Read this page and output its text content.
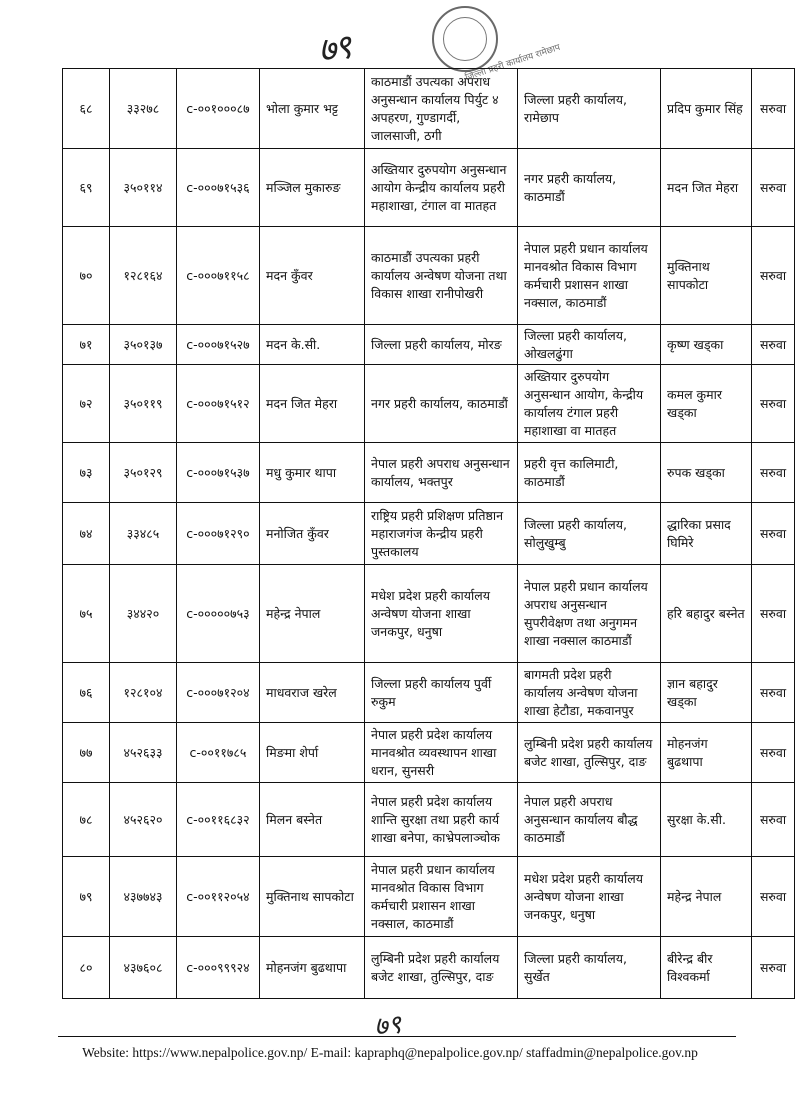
७९	जिल्ला प्रहरी कार्यालय रामेछाप
६८	३३२७८	c-००१०००८७	भोला कुमार भट्ट	काठमाडौं उपत्यका अपराध अनुसन्धान कार्यालय पिर्युट ४ अपहरण, गुण्डागर्दी, जालसाजी, ठगी	जिल्ला प्रहरी कार्यालय, रामेछाप	प्रदिप कुमार सिंह	सरुवा
६९	३५०११४	c-०००७१५३६	मञ्जिल मुकारुङ	अख्तियार दुरुपयोग अनुसन्धान आयोग केन्द्रीय कार्यालय प्रहरी महाशाखा, टंगाल वा मातहत	नगर प्रहरी कार्यालय, काठमाडौं	मदन जित मेहरा	सरुवा
७०	१२८१६४	c-०००७११५८	मदन कुँवर	काठमाडौं उपत्यका प्रहरी कार्यालय अन्वेषण योजना तथा विकास शाखा रानीपोखरी	नेपाल प्रहरी प्रधान कार्यालय मानवश्रोत विकास विभाग कर्मचारी प्रशासन शाखा नक्साल, काठमाडौं	मुक्तिनाथ सापकोटा	सरुवा
७१	३५०१३७	c-०००७१५२७	मदन के.सी.	जिल्ला प्रहरी कार्यालय, मोरङ	जिल्ला प्रहरी कार्यालय, ओखलढुंगा	कृष्ण खड्का	सरुवा
७२	३५०११९	c-०००७१५१२	मदन जित मेहरा	नगर प्रहरी कार्यालय, काठमाडौं	अख्तियार दुरुपयोग अनुसन्धान आयोग, केन्द्रीय कार्यालय टंगाल प्रहरी महाशाखा वा मातहत	कमल कुमार खड्का	सरुवा
७३	३५०१२९	c-०००७१५३७	मधु कुमार थापा	नेपाल प्रहरी अपराध अनुसन्धान कार्यालय, भक्तपुर	प्रहरी वृत्त कालिमाटी, काठमाडौं	रुपक खड्का	सरुवा
७४	३३४८५	c-०००७१२९०	मनोजित कुँवर	राष्ट्रिय प्रहरी प्रशिक्षण प्रतिष्ठान महाराजगंज केन्द्रीय प्रहरी पुस्तकालय	जिल्ला प्रहरी कार्यालय, सोलुखुम्बु	द्धारिका प्रसाद घिमिरे	सरुवा
७५	३४४२०	c-०००००७५३	महेन्द्र नेपाल	मधेश प्रदेश प्रहरी कार्यालय अन्वेषण योजना शाखा जनकपुर, धनुषा	नेपाल प्रहरी प्रधान कार्यालय अपराध अनुसन्धान सुपरीवेक्षण तथा अनुगमन शाखा नक्साल काठमाडौं	हरि बहादुर बस्नेत	सरुवा
७६	१२८१०४	c-०००७१२०४	माधवराज खरेल	जिल्ला प्रहरी कार्यालय पुर्वी रुकुम	बागमती प्रदेश प्रहरी कार्यालय अन्वेषण योजना शाखा हेटौडा, मकवानपुर	ज्ञान बहादुर खड्का	सरुवा
७७	४५२६३३	c-००११७८५	मिङमा शेर्पा	नेपाल प्रहरी प्रदेश कार्यालय मानवश्रोत व्यवस्थापन शाखा धरान, सुनसरी	लुम्बिनी प्रदेश प्रहरी कार्यालय बजेट शाखा, तुल्सिपुर, दाङ	मोहनजंग बुढथापा	सरुवा
७८	४५२६२०	c-००११६८३२	मिलन बस्नेत	नेपाल प्रहरी प्रदेश कार्यालय शान्ति सुरक्षा तथा प्रहरी कार्य शाखा बनेपा, काभ्रेपलाञ्चोक	नेपाल प्रहरी अपराध अनुसन्धान कार्यालय बौद्ध काठमाडौं	सुरक्षा के.सी.	सरुवा
७९	४३७७४३	c-००११२०५४	मुक्तिनाथ सापकोटा	नेपाल प्रहरी प्रधान कार्यालय मानवश्रोत विकास विभाग कर्मचारी प्रशासन शाखा नक्साल, काठमाडौं	मधेश प्रदेश प्रहरी कार्यालय अन्वेषण योजना शाखा जनकपुर, धनुषा	महेन्द्र नेपाल	सरुवा
८०	४३७६०८	c-०००९९९२४	मोहनजंग बुढथापा	लुम्बिनी प्रदेश प्रहरी कार्यालय बजेट शाखा, तुल्सिपुर, दाङ	जिल्ला प्रहरी कार्यालय, सुर्खेत	बीरेन्द्र बीर विश्वकर्मा	सरुवा
७९
Website: https://www.nepalpolice.gov.np/ E-mail: kapraphq@nepalpolice.gov.np/ staffadmin@nepalpolice.gov.np
